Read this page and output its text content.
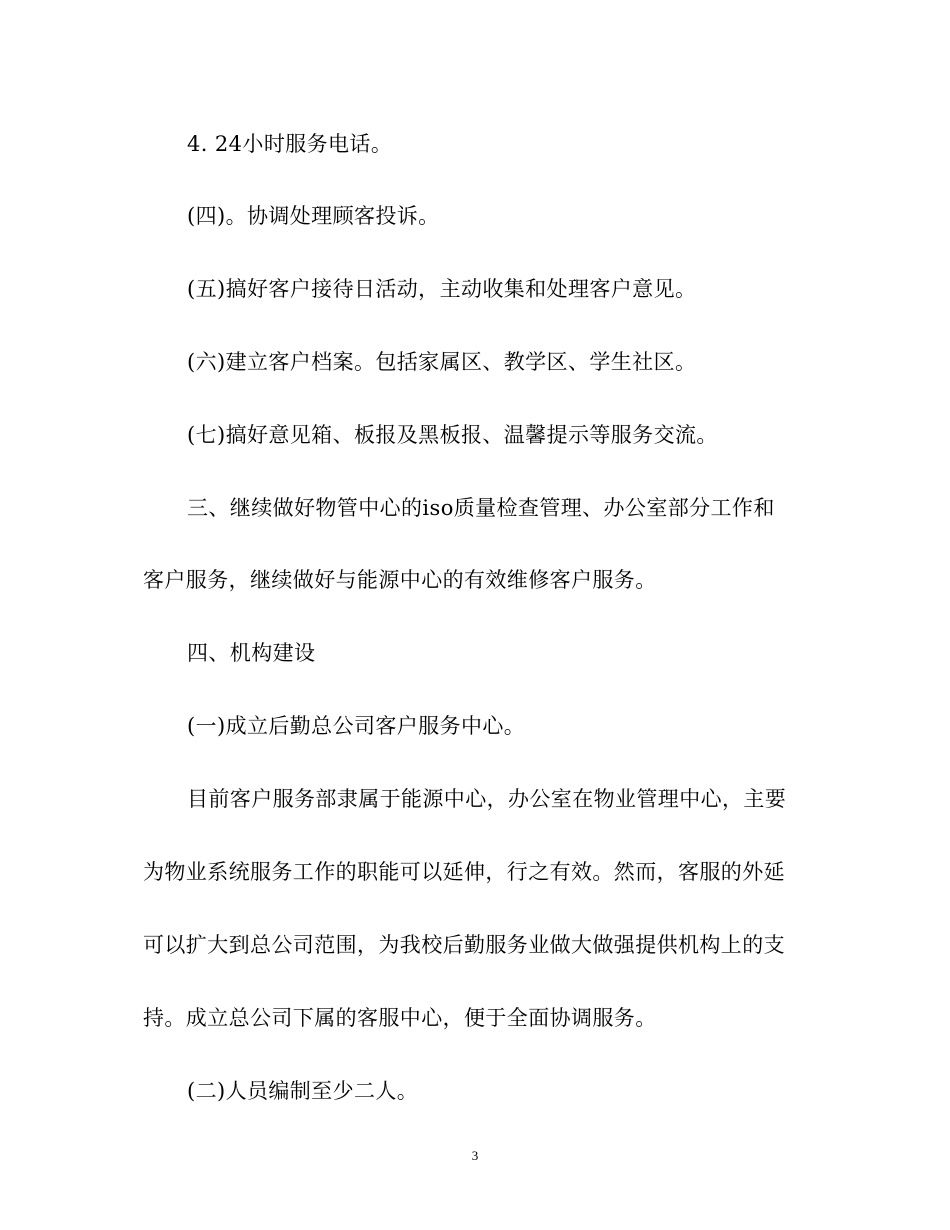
4. 24小时服务电话。
(四)。协调处理顾客投诉。
(五)搞好客户接待日活动，主动收集和处理客户意见。
(六)建立客户档案。包括家属区、教学区、学生社区。
(七)搞好意见箱、板报及黑板报、温馨提示等服务交流。
三、继续做好物管中心的iso质量检查管理、办公室部分工作和
客户服务，继续做好与能源中心的有效维修客户服务。
四、机构建设
(一)成立后勤总公司客户服务中心。
目前客户服务部隶属于能源中心，办公室在物业管理中心，主要
为物业系统服务工作的职能可以延伸，行之有效。然而，客服的外延
可以扩大到总公司范围，为我校后勤服务业做大做强提供机构上的支
持。成立总公司下属的客服中心，便于全面协调服务。
(二)人员编制至少二人。
3
